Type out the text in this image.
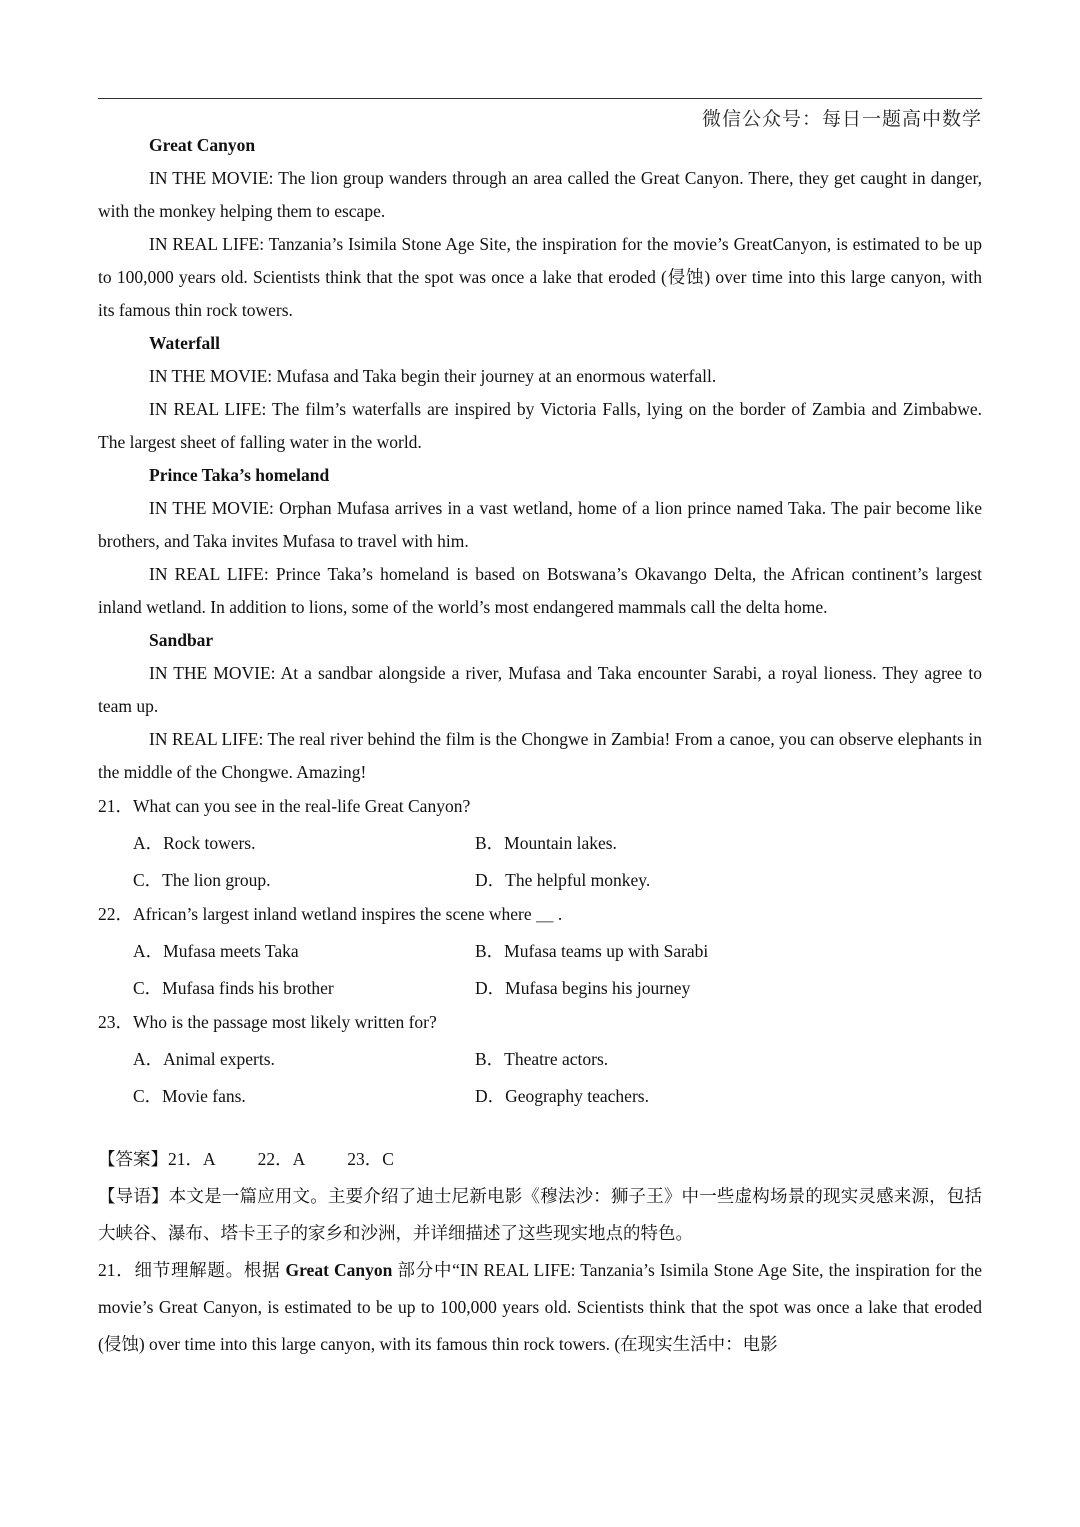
微信公众号：每日一题高中数学

Great Canyon

IN THE MOVIE: The lion group wanders through an area called the Great Canyon. There, they get caught in danger, with the monkey helping them to escape.

IN REAL LIFE: Tanzania’s Isimila Stone Age Site, the inspiration for the movie’s GreatCanyon, is estimated to be up to 100,000 years old. Scientists think that the spot was once a lake that eroded (侵蚀) over time into this large canyon, with its famous thin rock towers.

Waterfall

IN THE MOVIE: Mufasa and Taka begin their journey at an enormous waterfall.

IN REAL LIFE: The film’s waterfalls are inspired by Victoria Falls, lying on the border of Zambia and Zimbabwe. The largest sheet of falling water in the world.

Prince Taka’s homeland

IN THE MOVIE: Orphan Mufasa arrives in a vast wetland, home of a lion prince named Taka. The pair become like brothers, and Taka invites Mufasa to travel with him.

IN REAL LIFE: Prince Taka’s homeland is based on Botswana’s Okavango Delta, the African continent’s largest inland wetland. In addition to lions, some of the world’s most endangered mammals call the delta home.

Sandbar

IN THE MOVIE: At a sandbar alongside a river, Mufasa and Taka encounter Sarabi, a royal lioness. They agree to team up.

IN REAL LIFE: The real river behind the film is the Chongwe in Zambia! From a canoe, you can observe elephants in the middle of the Chongwe. Amazing!

21．What can you see in the real-life Great Canyon?

A．Rock towers.	B．Mountain lakes.
C．The lion group.	D．The helpful monkey.

22．African’s largest inland wetland inspires the scene where ＿ .

A．Mufasa meets Taka	B．Mufasa teams up with Sarabi
C．Mufasa finds his brother	D．Mufasa begins his journey

23．Who is the passage most likely written for?

A．Animal experts.	B．Theatre actors.
C．Movie fans.	D．Geography teachers.

【答案】21．A 22．A 23．C

【导语】本文是一篇应用文。主要介绍了迪士尼新电影《穆法沙：狮子王》中一些虚构场景的现实灵感来源，包括大峡谷、瀑布、塔卡王子的家乡和沙洲，并详细描述了这些现实地点的特色。

21．细节理解题。根据 Great Canyon 部分中“IN REAL LIFE: Tanzania’s Isimila Stone Age Site, the inspiration for the movie’s Great Canyon, is estimated to be up to 100,000 years old. Scientists think that the spot was once a lake that eroded (侵蚀) over time into this large canyon, with its famous thin rock towers. (在现实生活中：电影
